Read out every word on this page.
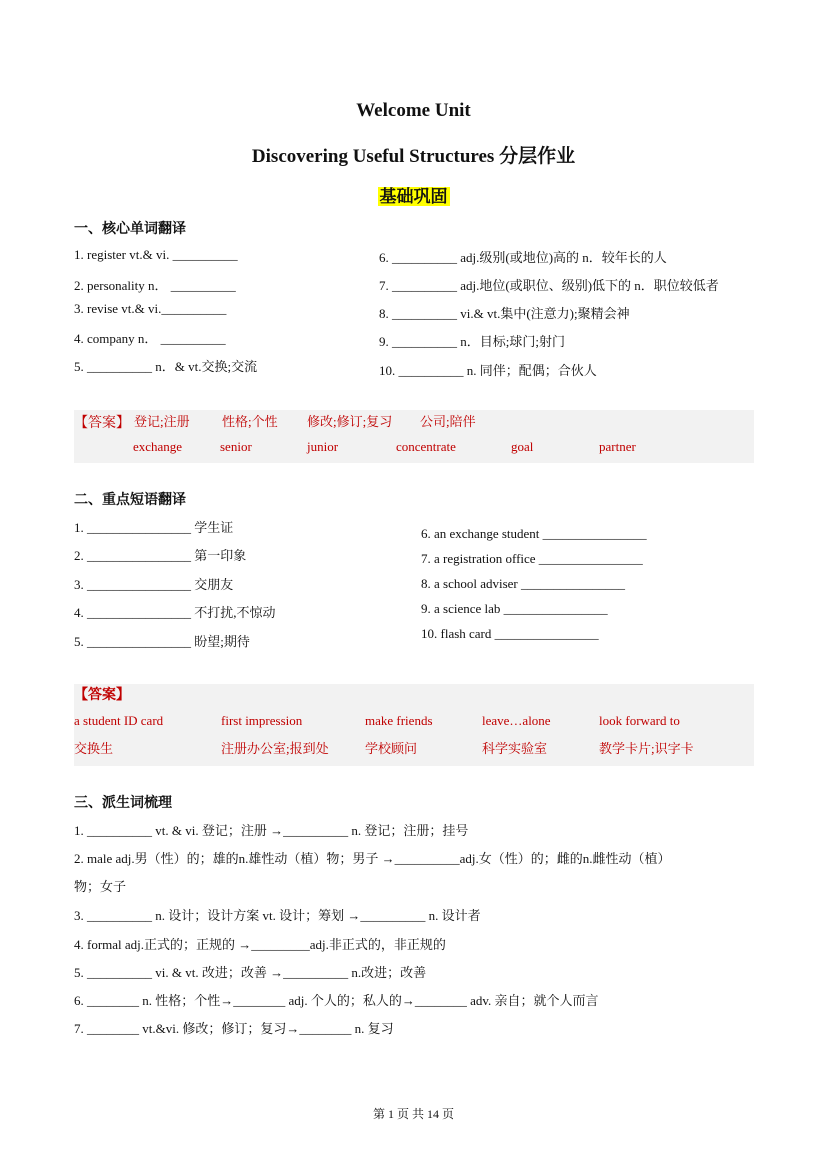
Welcome Unit
Discovering Useful Structures 分层作业
基础巩固
一、核心单词翻译
【答案】 登记;注册 性格;个性 修改;修订;复习 公司;陪伴
exchange	senior	junior	concentrate	goal	partner
二、重点短语翻译
【答案】
a student ID card	first impression	make friends	leave…alone	look forward to
交换生	注册办公室;报到处	学校顾问	科学实验室	教学卡片;识字卡
三、派生词梳理
第 1 页 共 14 页
1. register vt.& vi. __________
2. personality n． __________
3. revise vt.& vi.__________
4. company n． __________
5. __________ n．& vt.交换;交流
6. __________ adj.级别(或地位)高的 n．较年长的人
7. __________ adj.地位(或职位、级别)低下的 n．职位较低者
8. __________ vi.& vt.集中(注意力);聚精会神
9. __________ n．目标;球门;射门
10. __________ n. 同伴；配偶；合伙人
1. ________________ 学生证
2. ________________ 第一印象
3. ________________ 交朋友
4. ________________ 不打扰,不惊动
5. ________________ 盼望;期待
6. an exchange student ________________
7. a registration office ________________
8. a school adviser ________________
9. a science lab ________________
10. flash card ________________
1. __________ vt. & vi. 登记；注册 →__________ n. 登记；注册；挂号
2. male adj.男（性）的；雄的n.雄性动（植）物；男子 →__________adj.女（性）的；雌的n.雌性动（植）
物；女子
3. __________ n. 设计；设计方案 vt. 设计；筹划 →__________ n. 设计者
4. formal adj.正式的；正规的 →_________adj.非正式的，非正规的
5. __________ vi. & vt. 改进；改善 →__________ n.改进；改善
6. ________ n. 性格；个性→________ adj. 个人的；私人的→________ adv. 亲自；就个人而言
7. ________ vt.&vi. 修改；修订；复习→________ n. 复习
